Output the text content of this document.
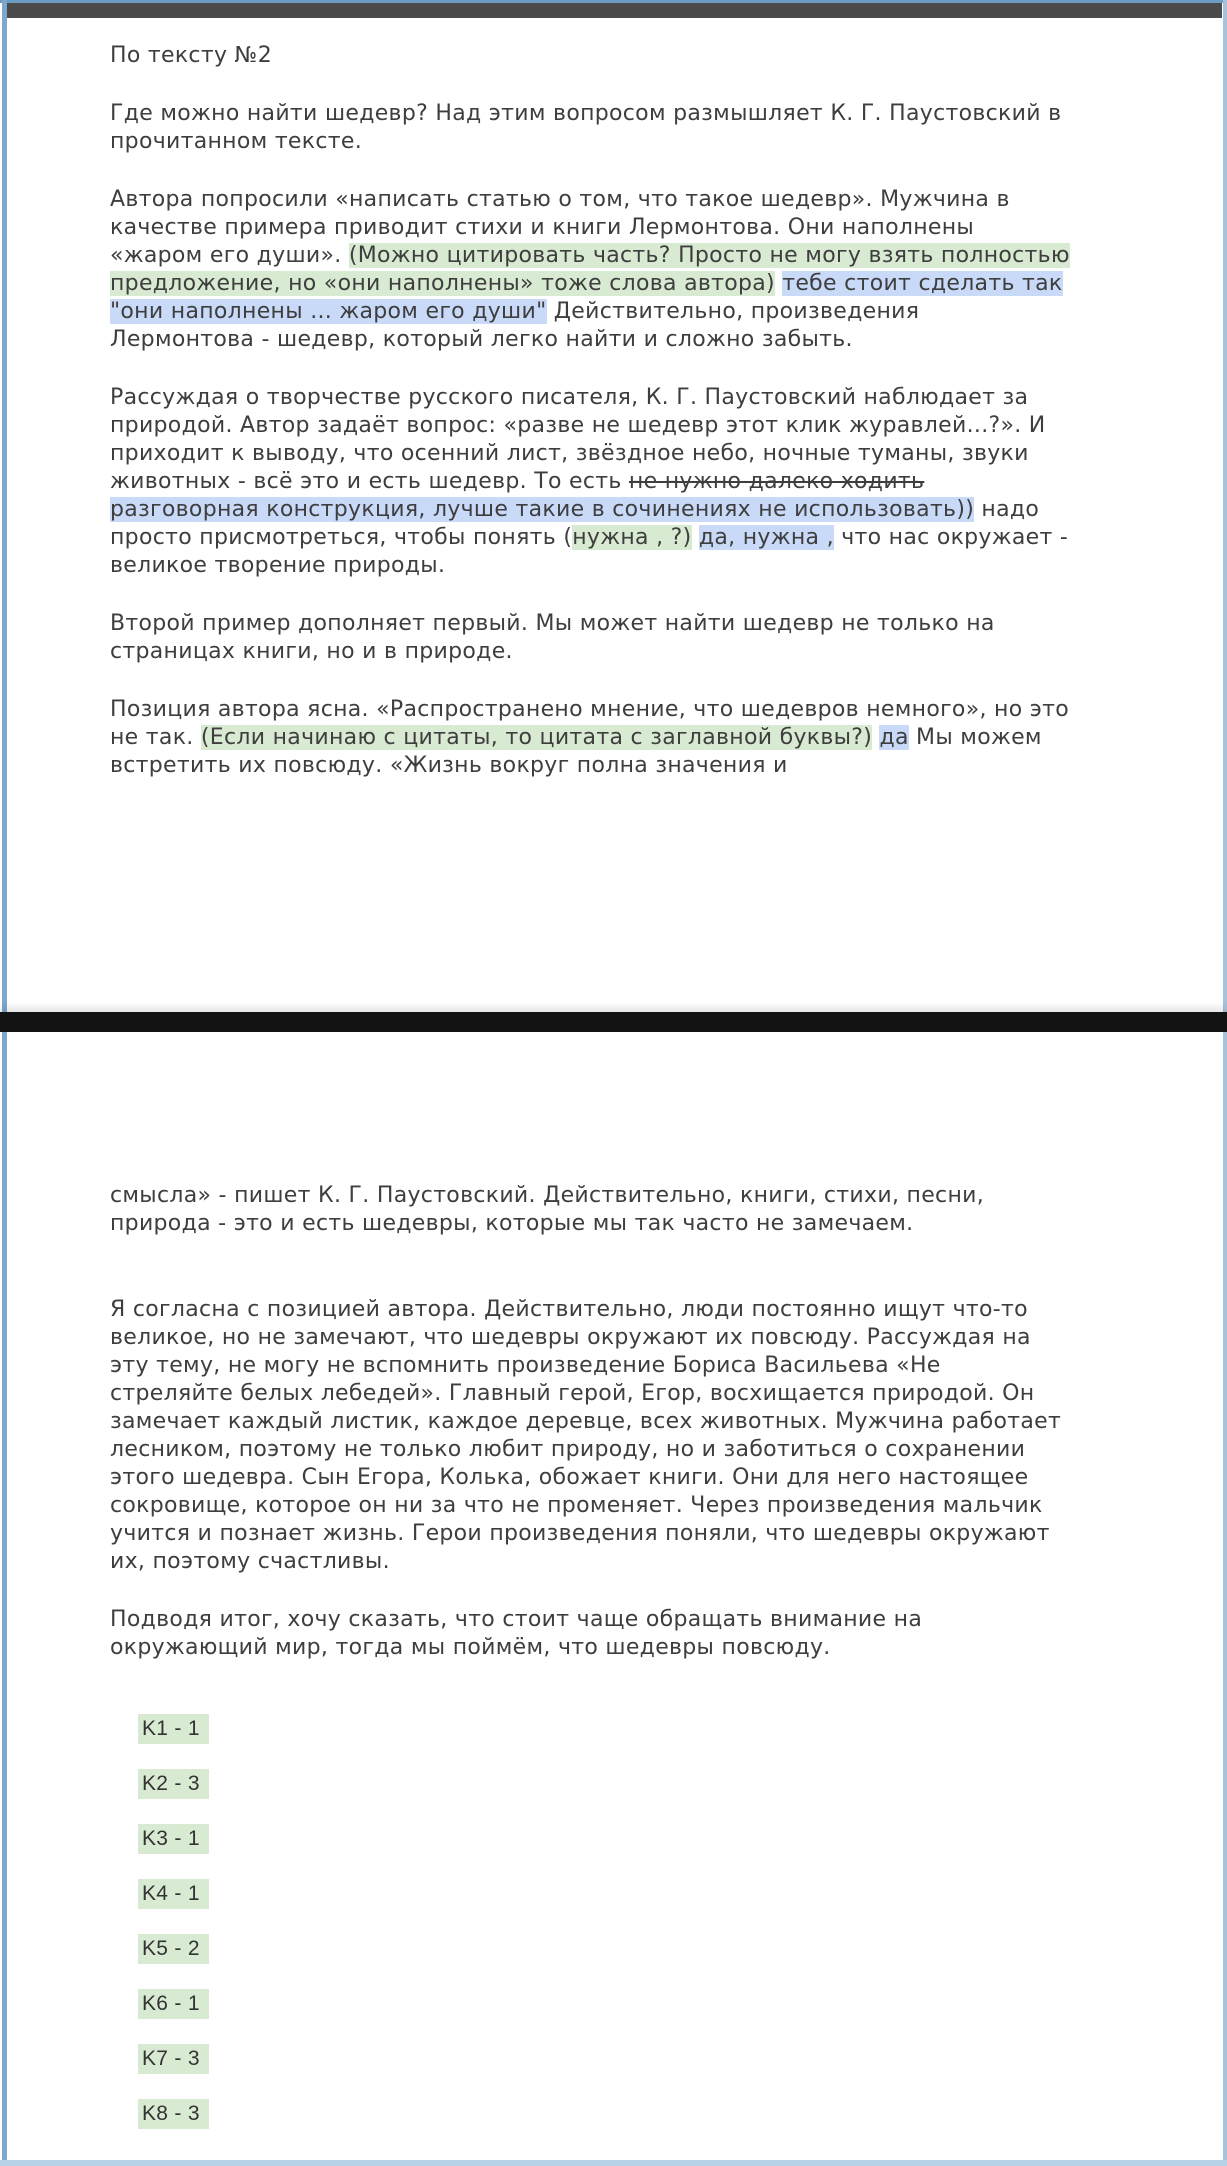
По тексту №2
Где можно найти шедевр? Над этим вопросом размышляет К. Г. Паустовский в прочитанном тексте.
Автора попросили «написать статью о том, что такое шедевр». Мужчина в качестве примера приводит стихи и книги Лермонтова. Они наполнены «жаром его души». (Можно цитировать часть? Просто не могу взять полностью предложение, но «они наполнены» тоже слова автора) тебе стоит сделать так "они наполнены ... жаром его души" Действительно, произведения Лермонтова - шедевр, который легко найти и сложно забыть.
Рассуждая о творчестве русского писателя, К. Г. Паустовский наблюдает за природой. Автор задаёт вопрос: «разве не шедевр этот клик журавлей...?». И приходит к выводу, что осенний лист, звёздное небо, ночные туманы, звуки животных - всё это и есть шедевр. То есть не нужно далеко ходить разговорная конструкция, лучше такие в сочинениях не использовать)) надо просто присмотреться, чтобы понять (нужна , ?) да, нужна , что нас окружает - великое творение природы.
Второй пример дополняет первый. Мы может найти шедевр не только на страницах книги, но и в природе.
Позиция автора ясна. «Распространено мнение, что шедевров немного», но это не так. (Если начинаю с цитаты, то цитата с заглавной буквы?) да Мы можем встретить их повсюду. «Жизнь вокруг полна значения и
смысла» - пишет К. Г. Паустовский. Действительно, книги, стихи, песни, природа - это и есть шедевры, которые мы так часто не замечаем.
Я согласна с позицией автора. Действительно, люди постоянно ищут что-то великое, но не замечают, что шедевры окружают их повсюду. Рассуждая на эту тему, не могу не вспомнить произведение Бориса Васильева «Не стреляйте белых лебедей». Главный герой, Егор, восхищается природой. Он замечает каждый листик, каждое деревце, всех животных. Мужчина работает лесником, поэтому не только любит природу, но и заботиться о сохранении этого шедевра. Сын Егора, Колька, обожает книги. Они для него настоящее сокровище, которое он ни за что не променяет. Через произведения мальчик учится и познает жизнь. Герои произведения поняли, что шедевры окружают их, поэтому счастливы.
Подводя итог, хочу сказать, что стоит чаще обращать внимание на окружающий мир, тогда мы поймём, что шедевры повсюду.
K1 - 1
K2 - 3
K3 - 1
K4 - 1
K5 - 2
K6 - 1
K7 - 3
K8 - 3
